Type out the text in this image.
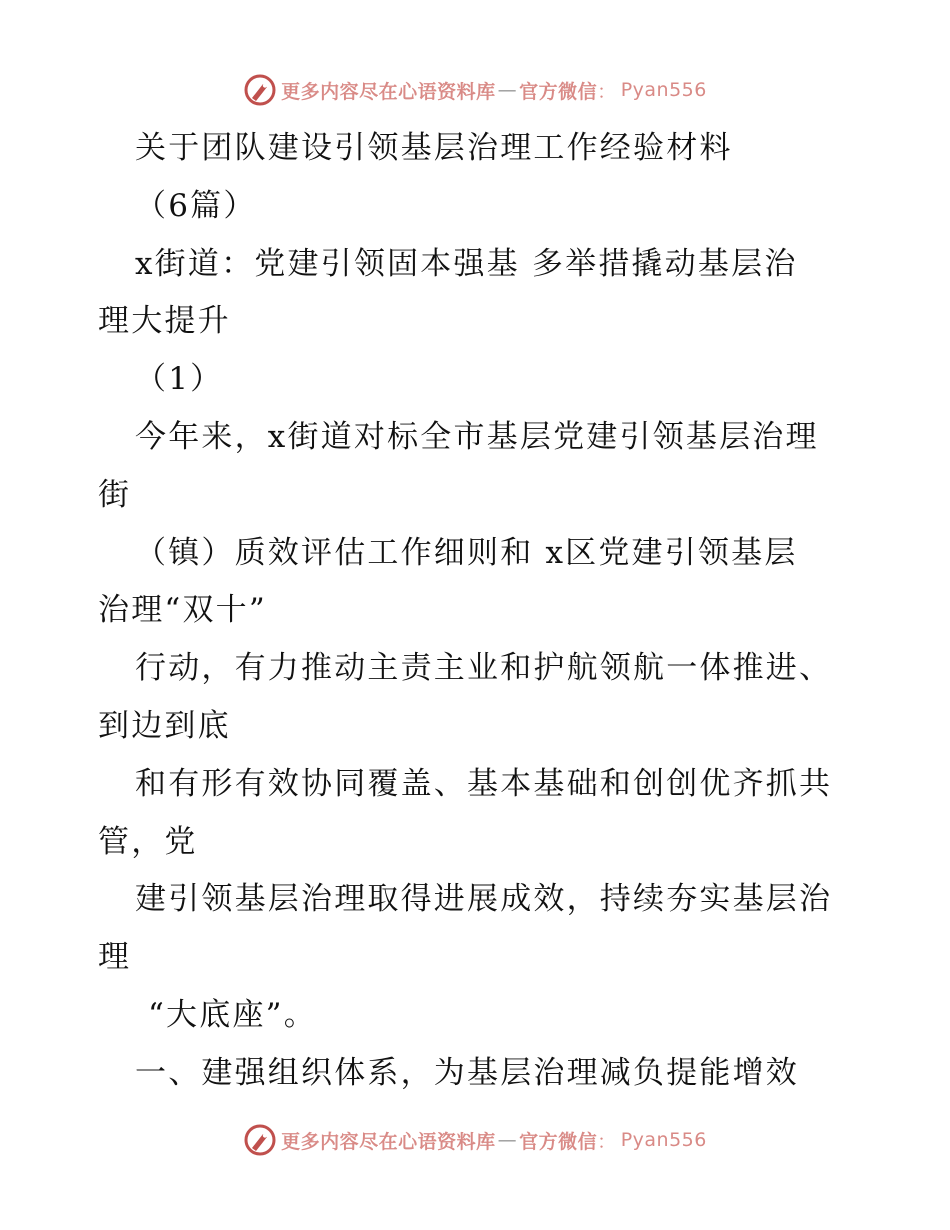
更多内容尽在心语资料库 — 官方微信 ： Pyan556
关于团队建设引领基层治理工作经验材料
（6篇）
x街道：党建引领固本强基 多举措撬动基层治
理大提升
（1）
今年来，x街道对标全市基层党建引领基层治理
街
（镇）质效评估工作细则和 x区党建引领基层
治理“双十”
行动，有力推动主责主业和护航领航一体推进、
到边到底
和有形有效协同覆盖、基本基础和创创优齐抓共
管，党
建引领基层治理取得进展成效，持续夯实基层治
理
“大底座”。
一、建强组织体系，为基层治理减负提能增效
更多内容尽在心语资料库 — 官方微信 ： Pyan556
